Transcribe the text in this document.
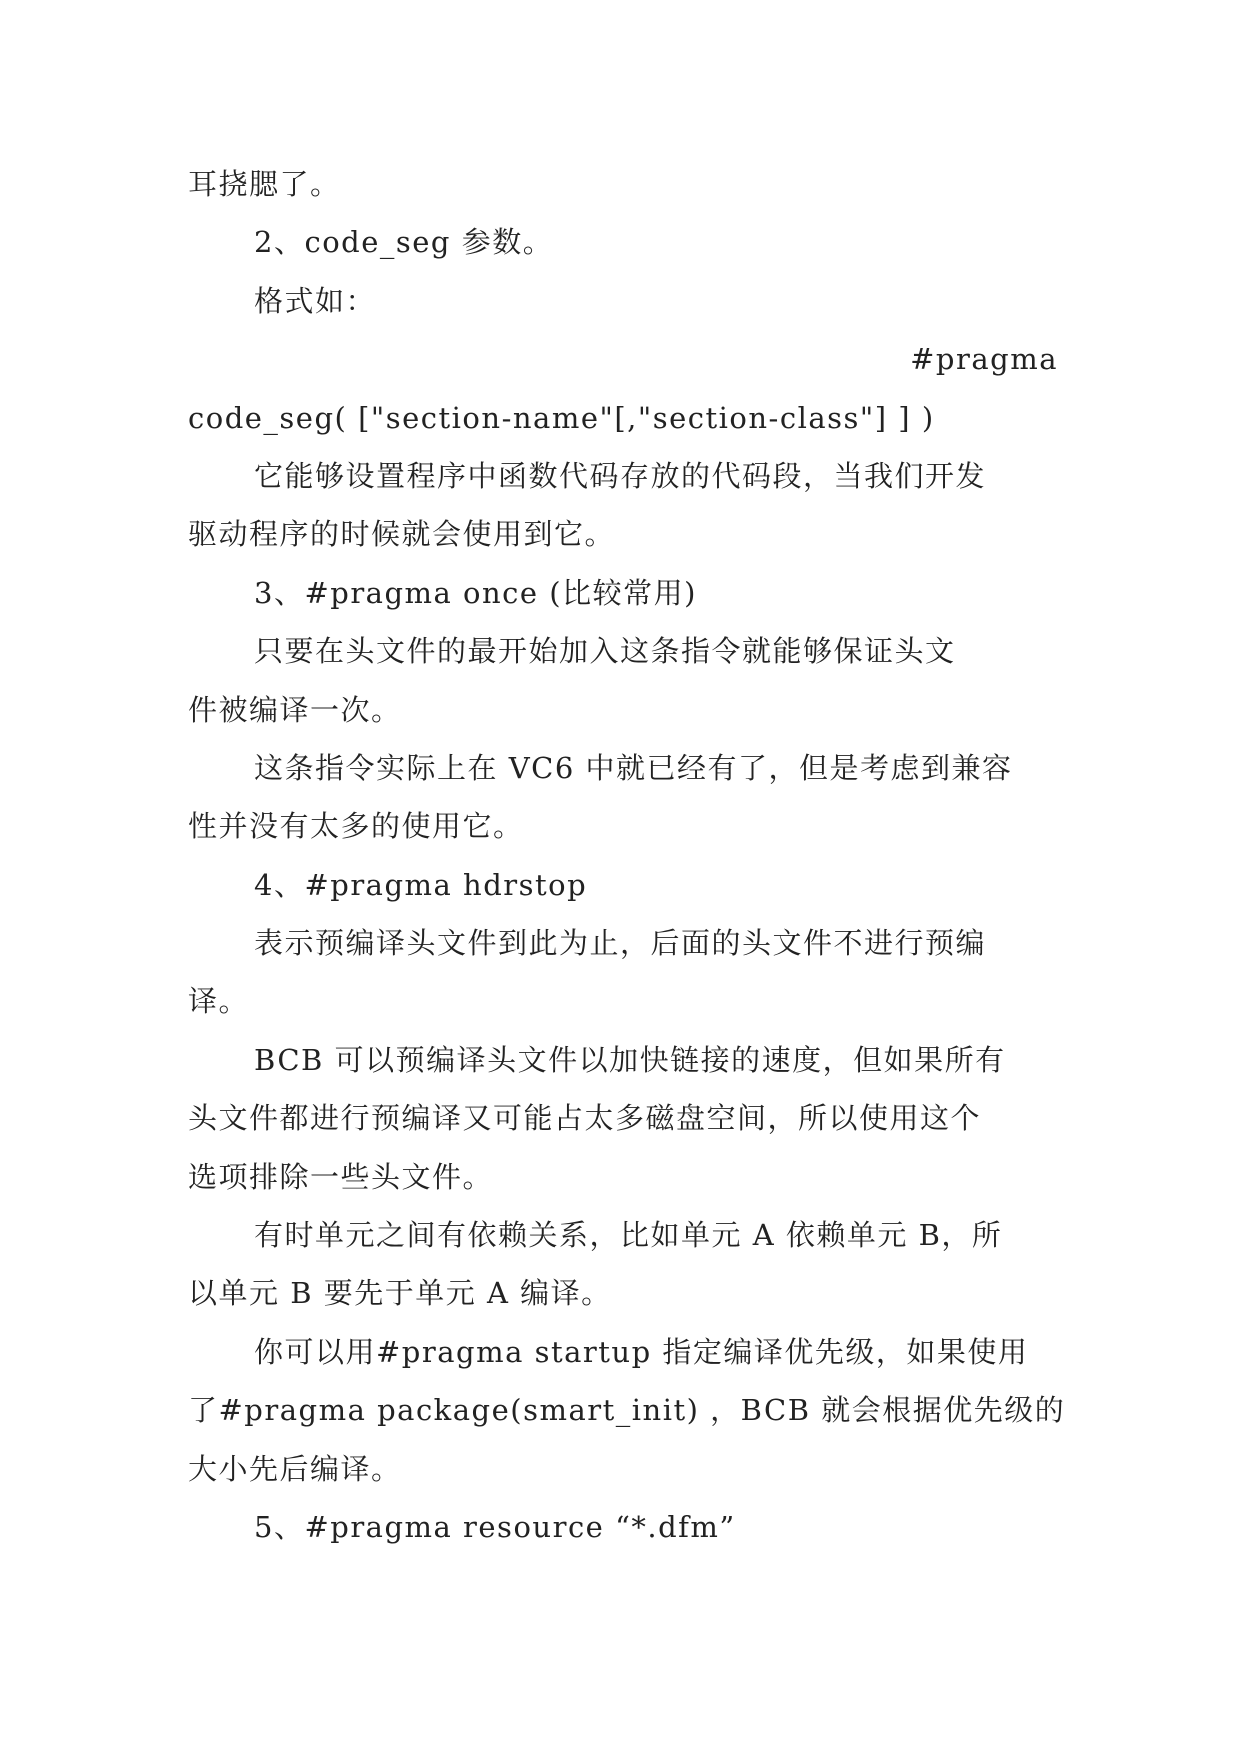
耳挠腮了。
2、code_seg 参数。
格式如：
#pragma
code_seg( ["section-name"[,"section-class"] ] )
它能够设置程序中函数代码存放的代码段，当我们开发
驱动程序的时候就会使用到它。
3、#pragma once (比较常用)
只要在头文件的最开始加入这条指令就能够保证头文
件被编译一次。
这条指令实际上在 VC6 中就已经有了，但是考虑到兼容
性并没有太多的使用它。
4、#pragma hdrstop
表示预编译头文件到此为止，后面的头文件不进行预编
译。
BCB 可以预编译头文件以加快链接的速度，但如果所有
头文件都进行预编译又可能占太多磁盘空间，所以使用这个
选项排除一些头文件。
有时单元之间有依赖关系，比如单元 A 依赖单元 B，所
以单元 B 要先于单元 A 编译。
你可以用#pragma startup 指定编译优先级，如果使用
了#pragma package(smart_init) ，BCB 就会根据优先级的
大小先后编译。
5、#pragma resource “*.dfm”
